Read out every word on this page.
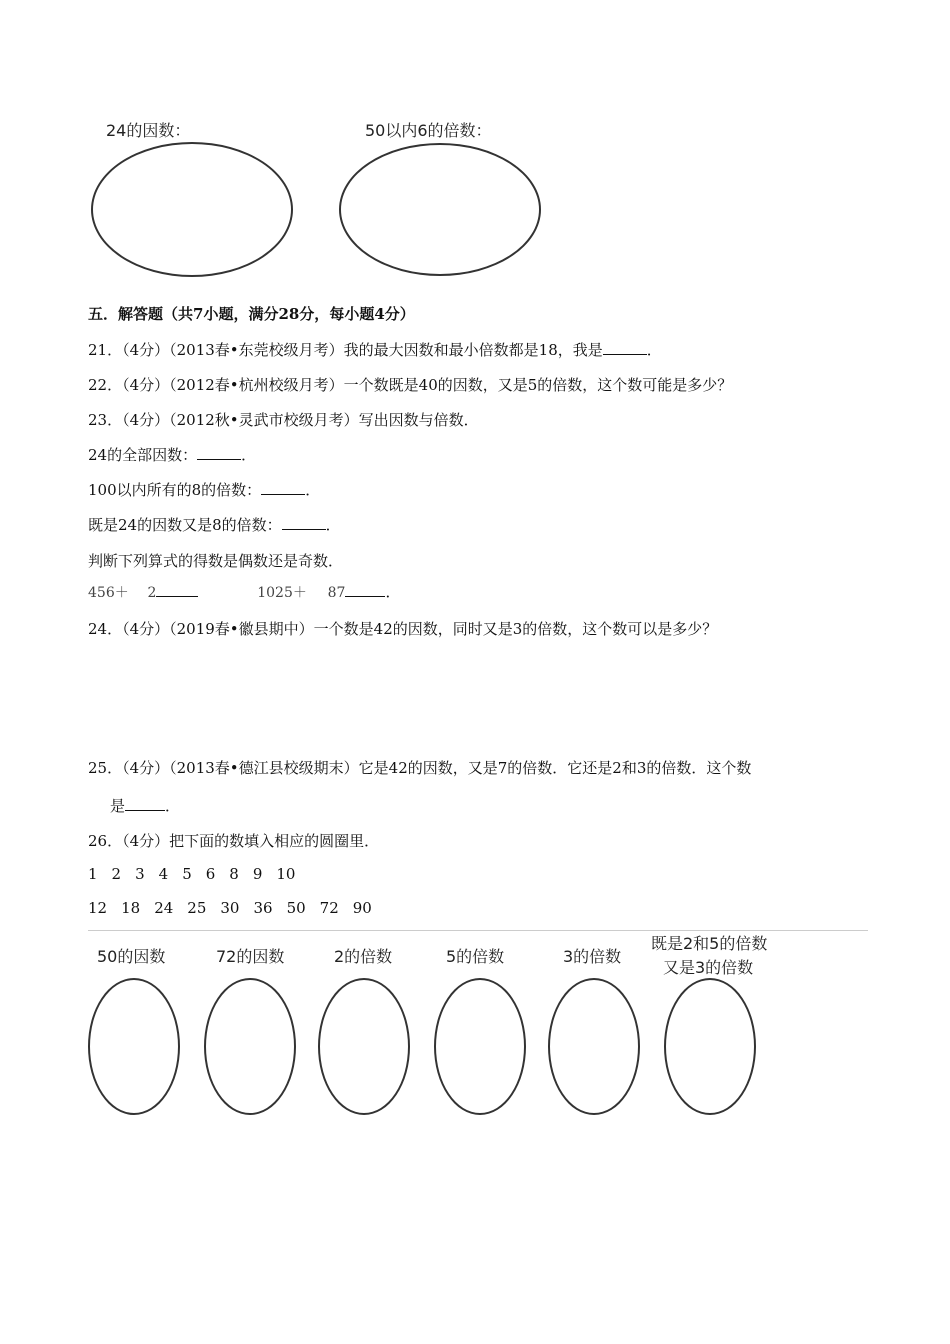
24的因数：	50以内6的倍数：
五．解答题（共7小题，满分28分，每小题4分）
21．（4分）（2013春•东莞校级月考）我的最大因数和最小倍数都是18，我是	．
22．（4分）（2012春•杭州校级月考）一个数既是40的因数，又是5的倍数，这个数可能是多少？
23．（4分）（2012秋•灵武市校级月考）写出因数与倍数．
24的全部因数：	．
100以内所有的8的倍数：	．
既是24的因数又是8的倍数：	．
判断下列算式的得数是偶数还是奇数．
456＋ 2	1025＋ 87	．
24．（4分）（2019春•徽县期中）一个数是42的因数，同时又是3的倍数，这个数可以是多少？
25．（4分）（2013春•德江县校级期末）它是42的因数，又是7的倍数．它还是2和3的倍数．这个数
是	．
26．（4分）把下面的数填入相应的圆圈里．
1 2 3 4 5 6 8 9 10
12 18 24 25 30 36 50 72 90
50的因数	72的因数	2的倍数	5的倍数	3的倍数
既是2和5的倍数
又是3的倍数
